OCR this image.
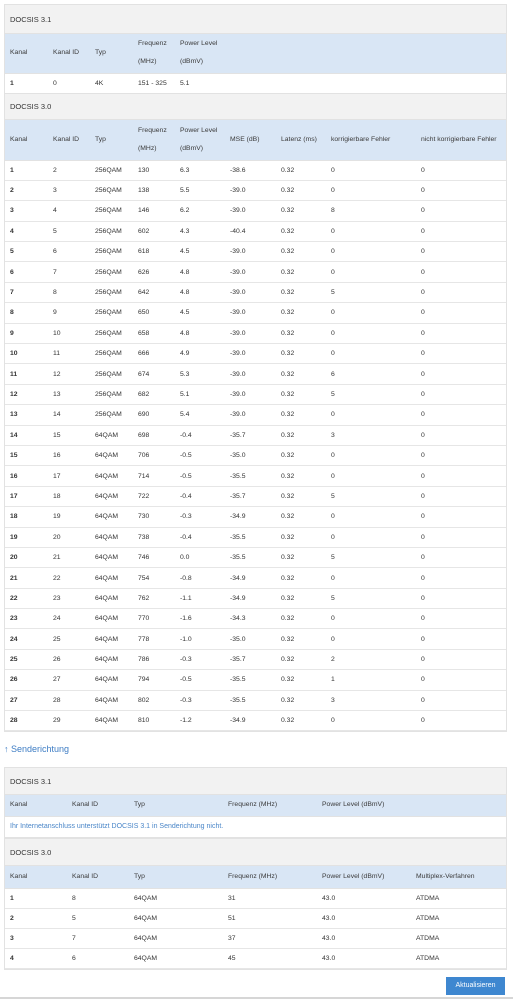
DOCSIS 3.1
Kanal	Kanal ID	Typ	Frequenz (MHz)	Power Level (dBmV)
1	0	4K	151 - 325	5.1
DOCSIS 3.0
Kanal	Kanal ID	Typ	Frequenz (MHz)	Power Level (dBmV)	MSE (dB)	Latenz (ms)	korrigierbare Fehler	nicht korrigierbare Fehler
1	2	256QAM	130	6.3	-38.6	0.32	0	0
2	3	256QAM	138	5.5	-39.0	0.32	0	0
3	4	256QAM	146	6.2	-39.0	0.32	8	0
4	5	256QAM	602	4.3	-40.4	0.32	0	0
5	6	256QAM	618	4.5	-39.0	0.32	0	0
6	7	256QAM	626	4.8	-39.0	0.32	0	0
7	8	256QAM	642	4.8	-39.0	0.32	5	0
8	9	256QAM	650	4.5	-39.0	0.32	0	0
9	10	256QAM	658	4.8	-39.0	0.32	0	0
10	11	256QAM	666	4.9	-39.0	0.32	0	0
11	12	256QAM	674	5.3	-39.0	0.32	6	0
12	13	256QAM	682	5.1	-39.0	0.32	5	0
13	14	256QAM	690	5.4	-39.0	0.32	0	0
14	15	64QAM	698	-0.4	-35.7	0.32	3	0
15	16	64QAM	706	-0.5	-35.0	0.32	0	0
16	17	64QAM	714	-0.5	-35.5	0.32	0	0
17	18	64QAM	722	-0.4	-35.7	0.32	5	0
18	19	64QAM	730	-0.3	-34.9	0.32	0	0
19	20	64QAM	738	-0.4	-35.5	0.32	0	0
20	21	64QAM	746	0.0	-35.5	0.32	5	0
21	22	64QAM	754	-0.8	-34.9	0.32	0	0
22	23	64QAM	762	-1.1	-34.9	0.32	5	0
23	24	64QAM	770	-1.6	-34.3	0.32	0	0
24	25	64QAM	778	-1.0	-35.0	0.32	0	0
25	26	64QAM	786	-0.3	-35.7	0.32	2	0
26	27	64QAM	794	-0.5	-35.5	0.32	1	0
27	28	64QAM	802	-0.3	-35.5	0.32	3	0
28	29	64QAM	810	-1.2	-34.9	0.32	0	0
↑ Senderichtung
DOCSIS 3.1
Kanal	Kanal ID	Typ	Frequenz (MHz)	Power Level (dBmV)
Ihr Internetanschluss unterstützt DOCSIS 3.1 in Senderichtung nicht.
DOCSIS 3.0
Kanal	Kanal ID	Typ	Frequenz (MHz)	Power Level (dBmV)	Multiplex-Verfahren
1	8	64QAM	31	43.0	ATDMA
2	5	64QAM	51	43.0	ATDMA
3	7	64QAM	37	43.0	ATDMA
4	6	64QAM	45	43.0	ATDMA
Aktualisieren
